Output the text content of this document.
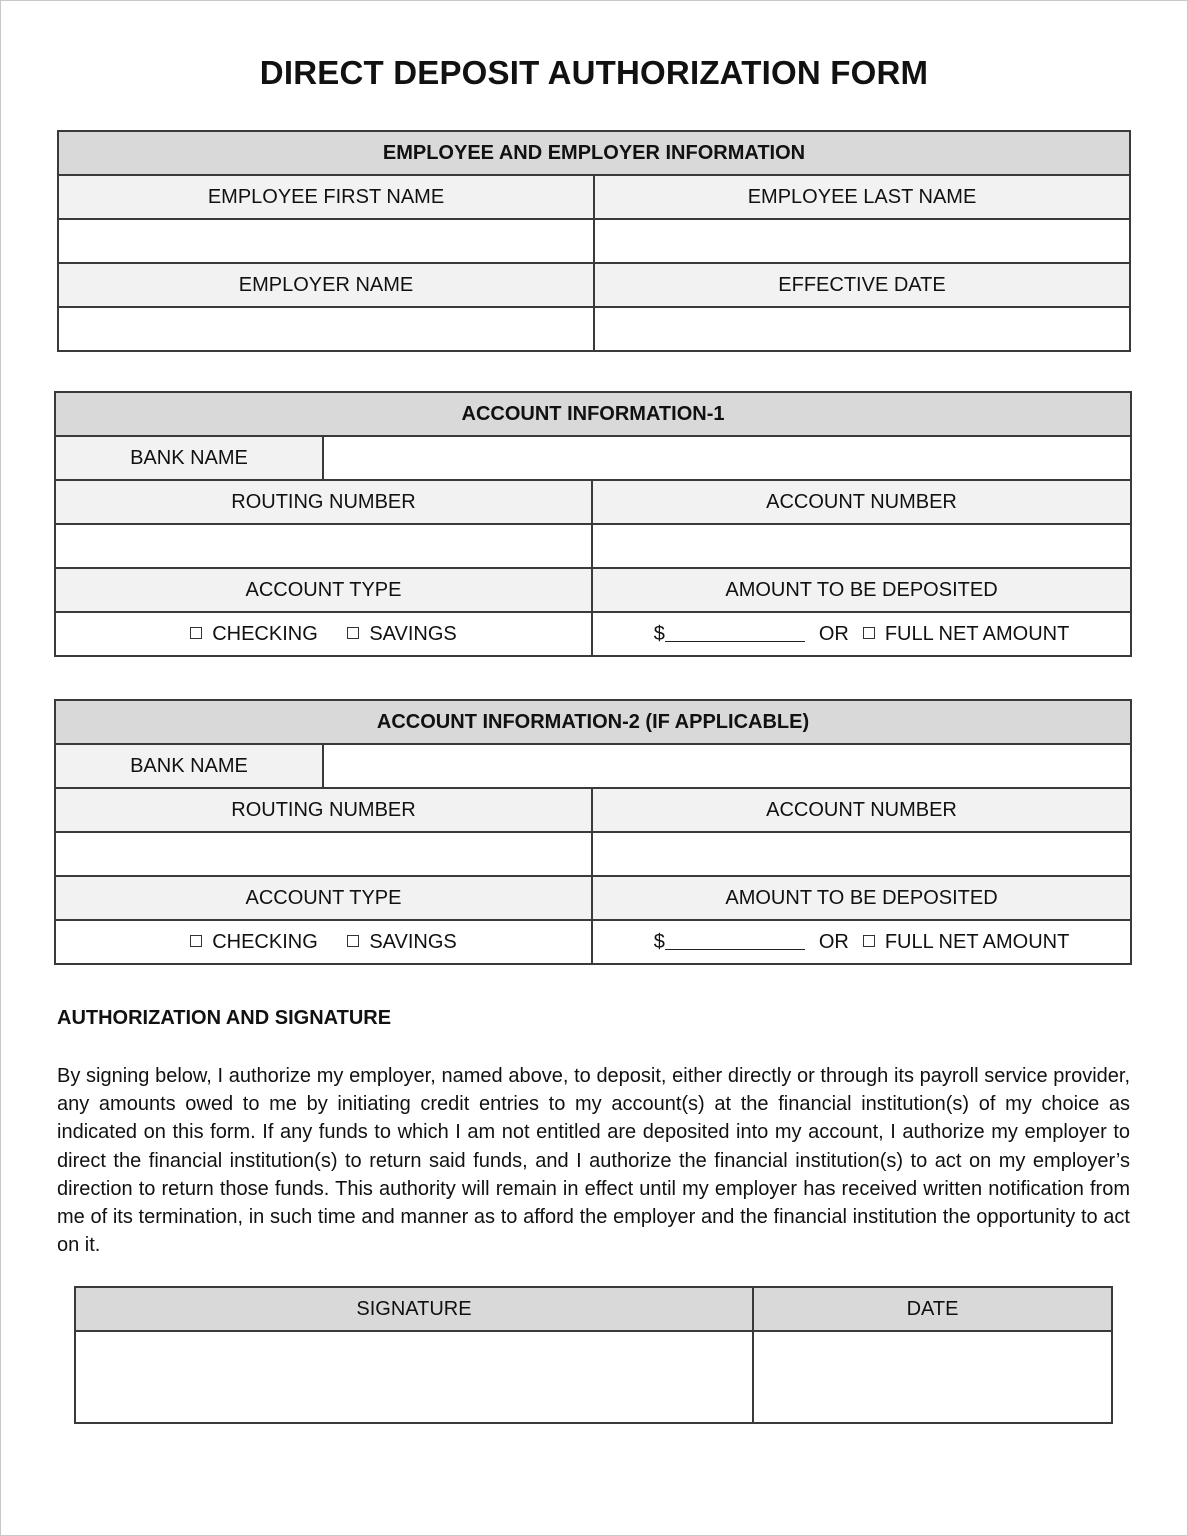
DIRECT DEPOSIT AUTHORIZATION FORM
EMPLOYEE AND EMPLOYER INFORMATION	
EMPLOYEE FIRST NAME	EMPLOYEE LAST NAME

EMPLOYER NAME	EFFECTIVE DATE

ACCOUNT INFORMATION-1		
BANK NAME		
ROUTING NUMBER		ACCOUNT NUMBER

ACCOUNT TYPE		AMOUNT TO BE DEPOSITED
CHECKING SAVINGS		$ OR FULL NET AMOUNT
ACCOUNT INFORMATION-2 (IF APPLICABLE)		
BANK NAME		
ROUTING NUMBER		ACCOUNT NUMBER

ACCOUNT TYPE		AMOUNT TO BE DEPOSITED
CHECKING SAVINGS		$ OR FULL NET AMOUNT

AUTHORIZATION AND SIGNATURE

By signing below, I authorize my employer, named above, to deposit, either directly or through its payroll service provider, any amounts owed to me by initiating credit entries to my account(s) at the financial institution(s) of my choice as indicated on this form. If any funds to which I am not entitled are deposited into my account, I authorize my employer to direct the financial institution(s) to return said funds, and I authorize the financial institution(s) to act on my employer’s direction to return those funds. This authority will remain in effect until my employer has received written notification from me of its termination, in such time and manner as to afford the employer and the financial institution the opportunity to act on it.

SIGNATURE	DATE
